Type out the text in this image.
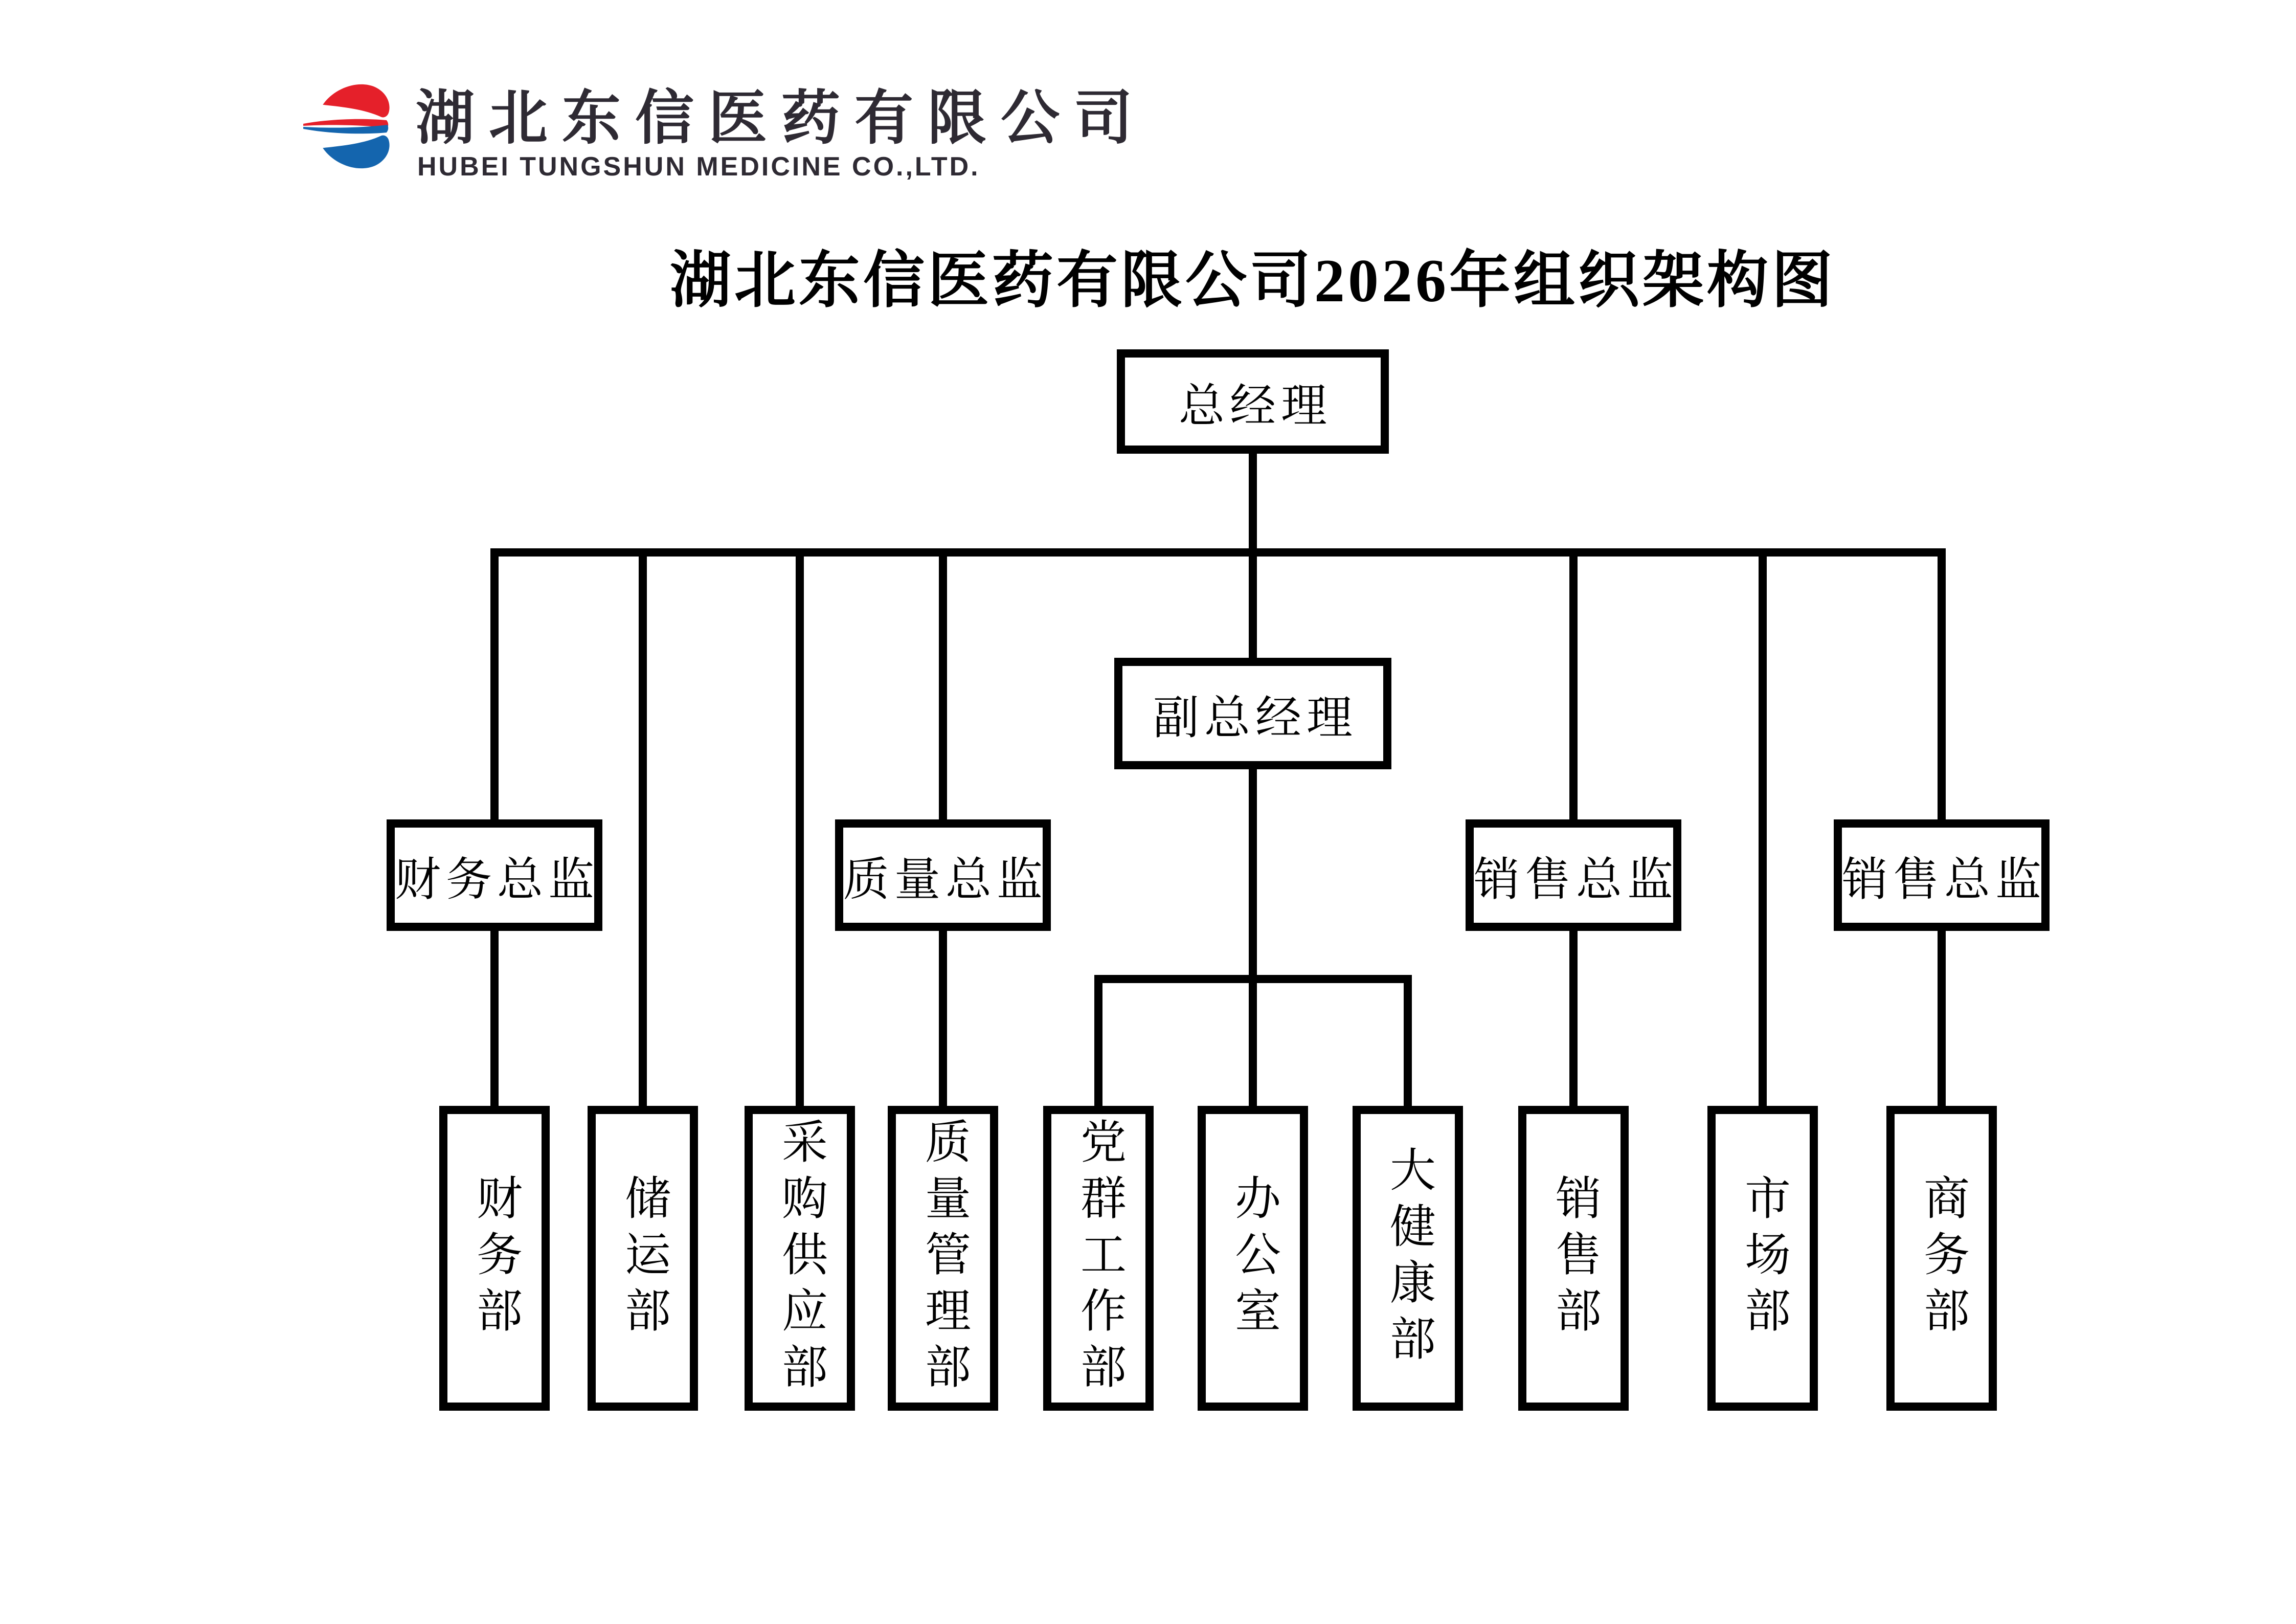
湖北东信医药有限公司
HUBEI TUNGSHUN MEDICINE CO.,LTD.
湖北东信医药有限公司2026年组织架构图
总经理
副总经理
财务总监	质量总监	销售总监	销售总监
财务部 储运部 采购供应部 质量管理部 党群工作部 办公室 大健康部	销售部	市场部	商务部
